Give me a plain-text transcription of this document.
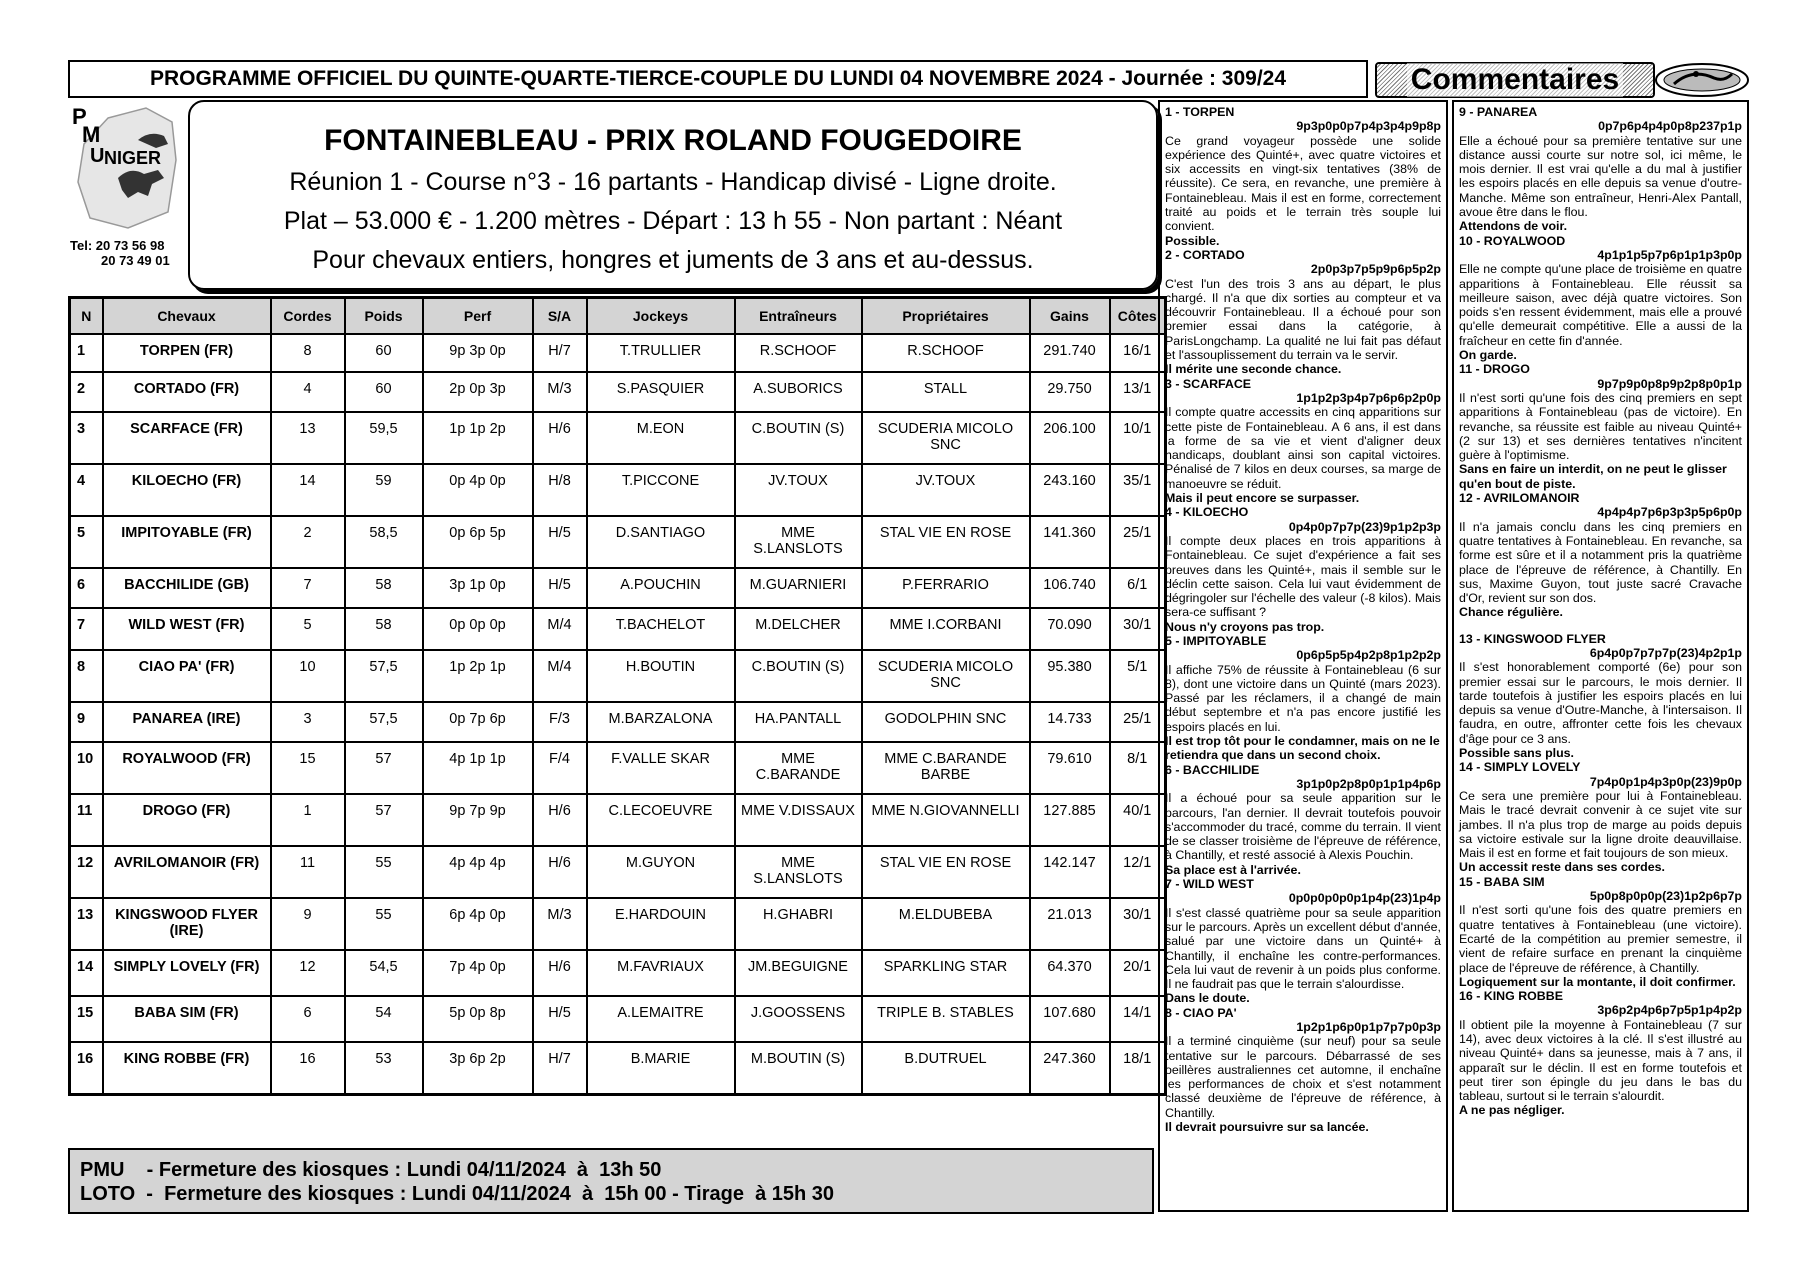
PROGRAMME OFFICIEL DU QUINTE-QUARTE-TIERCE-COUPLE DU LUNDI 04 NOVEMBRE 2024 - Journée : 309/24	Commentaires
P
M
U NIGER
Tel: 20 73 56 98
20 73 49 01
FONTAINEBLEAU - PRIX ROLAND FOUGEDOIRE
Réunion 1 - Course n°3 - 16 partants - Handicap divisé - Ligne droite.
Plat – 53.000 € - 1.200 mètres - Départ : 13 h 55 - Non partant : Néant
Pour chevaux entiers, hongres et juments de 3 ans et au-dessus.
N	Chevaux	Cordes	Poids	Perf	S/A	Jockeys	Entraîneurs	Propriétaires	Gains	Côtes
1	TORPEN (FR)	8	60	9p 3p 0p	H/7	T.TRULLIER	R.SCHOOF	R.SCHOOF	291.740	16/1
2	CORTADO (FR)	4	60	2p 0p 3p	M/3	S.PASQUIER	A.SUBORICS	STALL	29.750	13/1
3	SCARFACE (FR)	13	59,5	1p 1p 2p	H/6	M.EON	C.BOUTIN (S)	SCUDERIA MICOLO SNC	206.100	10/1
4	KILOECHO (FR)	14	59	0p 4p 0p	H/8	T.PICCONE	JV.TOUX	JV.TOUX	243.160	35/1
5	IMPITOYABLE (FR)	2	58,5	0p 6p 5p	H/5	D.SANTIAGO	MME S.LANSLOTS	STAL VIE EN ROSE	141.360	25/1
6	BACCHILIDE (GB)	7	58	3p 1p 0p	H/5	A.POUCHIN	M.GUARNIERI	P.FERRARIO	106.740	6/1
7	WILD WEST (FR)	5	58	0p 0p 0p	M/4	T.BACHELOT	M.DELCHER	MME I.CORBANI	70.090	30/1
8	CIAO PA' (FR)	10	57,5	1p 2p 1p	M/4	H.BOUTIN	C.BOUTIN (S)	SCUDERIA MICOLO SNC	95.380	5/1
9	PANAREA (IRE)	3	57,5	0p 7p 6p	F/3	M.BARZALONA	HA.PANTALL	GODOLPHIN SNC	14.733	25/1
10	ROYALWOOD (FR)	15	57	4p 1p 1p	F/4	F.VALLE SKAR	MME C.BARANDE	MME C.BARANDE BARBE	79.610	8/1
11	DROGO (FR)	1	57	9p 7p 9p	H/6	C.LECOEUVRE	MME V.DISSAUX	MME N.GIOVANNELLI	127.885	40/1
12	AVRILOMANOIR (FR)	11	55	4p 4p 4p	H/6	M.GUYON	MME S.LANSLOTS	STAL VIE EN ROSE	142.147	12/1
13	KINGSWOOD FLYER (IRE)	9	55	6p 4p 0p	M/3	E.HARDOUIN	H.GHABRI	M.ELDUBEBA	21.013	30/1
14	SIMPLY LOVELY (FR)	12	54,5	7p 4p 0p	H/6	M.FAVRIAUX	JM.BEGUIGNE	SPARKLING STAR	64.370	20/1
15	BABA SIM (FR)	6	54	5p 0p 8p	H/5	A.LEMAITRE	J.GOOSSENS	TRIPLE B. STABLES	107.680	14/1
16	KING ROBBE (FR)	16	53	3p 6p 2p	H/7	B.MARIE	M.BOUTIN (S)	B.DUTRUEL	247.360	18/1
PMU    - Fermeture des kiosques : Lundi 04/11/2024  à  13h 50
LOTO  -  Fermeture des kiosques : Lundi 04/11/2024  à  15h 00 - Tirage  à 15h 30
1 - TORPEN
9p3p0p0p7p4p3p4p9p8p
Ce grand voyageur possède une solide expérience des Quinté+, avec quatre victoires et six accessits en vingt-six tentatives (38% de réussite). Ce sera, en revanche, une première à Fontainebleau. Mais il est en forme, correctement traité au poids et le terrain très souple lui convient.
Possible.
2 - CORTADO
2p0p3p7p5p9p6p5p2p
C'est l'un des trois 3 ans au départ, le plus chargé. Il n'a que dix sorties au compteur et va découvrir Fontainebleau. Il a échoué pour son premier essai dans la catégorie, à ParisLongchamp. La qualité ne lui fait pas défaut et l'assouplissement du terrain va le servir.
Il mérite une seconde chance.
3 - SCARFACE
1p1p2p3p4p7p6p6p2p0p
Il compte quatre accessits en cinq apparitions sur cette piste de Fontainebleau. A 6 ans, il est dans la forme de sa vie et vient d'aligner deux handicaps, doublant ainsi son capital victoires. Pénalisé de 7 kilos en deux courses, sa marge de manoeuvre se réduit.
Mais il peut encore se surpasser.
4 - KILOECHO
0p4p0p7p7p(23)9p1p2p3p
Il compte deux places en trois apparitions à Fontainebleau. Ce sujet d'expérience a fait ses preuves dans les Quinté+, mais il semble sur le déclin cette saison. Cela lui vaut évidemment de dégringoler sur l'échelle des valeur (-8 kilos). Mais sera-ce suffisant ?
Nous n'y croyons pas trop.
5 - IMPITOYABLE
0p6p5p5p4p2p8p1p2p2p
Il affiche 75% de réussite à Fontainebleau (6 sur 8), dont une victoire dans un Quinté (mars 2023). Passé par les réclamers, il a changé de main début septembre et n'a pas encore justifié les espoirs placés en lui.
Il est trop tôt pour le condamner, mais on ne le retiendra que dans un second choix.
6 - BACCHILIDE
3p1p0p2p8p0p1p1p4p6p
Il a échoué pour sa seule apparition sur le parcours, l'an dernier. Il devrait toutefois pouvoir s'accommoder du tracé, comme du terrain. Il vient de se classer troisième de l'épreuve de référence, à Chantilly, et resté associé à Alexis Pouchin.
Sa place est à l'arrivée.
7 - WILD WEST
0p0p0p0p0p1p4p(23)1p4p
Il s'est classé quatrième pour sa seule apparition sur le parcours. Après un excellent début d'année, salué par une victoire dans un Quinté+ à Chantilly, il enchaîne les contre-performances. Cela lui vaut de revenir à un poids plus conforme. Il ne faudrait pas que le terrain s'alourdisse.
Dans le doute.
8 - CIAO PA'
1p2p1p6p0p1p7p7p0p3p
Il a terminé cinquième (sur neuf) pour sa seule tentative sur le parcours. Débarrassé de ses oeillères australiennes cet automne, il enchaîne les performances de choix et s'est notamment classé deuxième de l'épreuve de référence, à Chantilly.
Il devrait poursuivre sur sa lancée.
9 - PANAREA
0p7p6p4p4p0p8p237p1p
Elle a échoué pour sa première tentative sur une distance aussi courte sur notre sol, ici même, le mois dernier. Il est vrai qu'elle a du mal à justifier les espoirs placés en elle depuis sa venue d'outre-Manche. Même son entraîneur, Henri-Alex Pantall, avoue être dans le flou.
Attendons de voir.
10 - ROYALWOOD
4p1p1p5p7p6p1p1p3p0p
Elle ne compte qu'une place de troisième en quatre apparitions à Fontainebleau. Elle réussit sa meilleure saison, avec déjà quatre victoires. Son poids s'en ressent évidemment, mais elle a prouvé qu'elle demeurait compétitive. Elle a aussi de la fraîcheur en cette fin d'année.
On garde.
11 - DROGO
9p7p9p0p8p9p2p8p0p1p
Il n'est sorti qu'une fois des cinq premiers en sept apparitions à Fontainebleau (pas de victoire). En revanche, sa réussite est faible au niveau Quinté+ (2 sur 13) et ses dernières tentatives n'incitent guère à l'optimisme.
Sans en faire un interdit, on ne peut le glisser qu'en bout de piste.
12 - AVRILOMANOIR
4p4p4p7p6p3p3p5p6p0p
Il n'a jamais conclu dans les cinq premiers en quatre tentatives à Fontainebleau. En revanche, sa forme est sûre et il a notamment pris la quatrième place de l'épreuve de référence, à Chantilly. En sus, Maxime Guyon, tout juste sacré Cravache d'Or, revient sur son dos.
Chance régulière.
13 - KINGSWOOD FLYER
6p4p0p7p7p7p(23)4p2p1p
Il s'est honorablement comporté (6e) pour son premier essai sur le parcours, le mois dernier. Il tarde toutefois à justifier les espoirs placés en lui depuis sa venue d'Outre-Manche, à l'intersaison. Il faudra, en outre, affronter cette fois les chevaux d'âge pour ce 3 ans.
Possible sans plus.
14 - SIMPLY LOVELY
7p4p0p1p4p3p0p(23)9p0p
Ce sera une première pour lui à Fontainebleau. Mais le tracé devrait convenir à ce sujet vite sur jambes. Il n'a plus trop de marge au poids depuis sa victoire estivale sur la ligne droite deauvillaise. Mais il est en forme et fait toujours de son mieux.
Un accessit reste dans ses cordes.
15 - BABA SIM
5p0p8p0p0p(23)1p2p6p7p
Il n'est sorti qu'une fois des quatre premiers en quatre tentatives à Fontainebleau (une victoire). Ecarté de la compétition au premier semestre, il vient de refaire surface en prenant la cinquième place de l'épreuve de référence, à Chantilly.
Logiquement sur la montante, il doit confirmer.
16 - KING ROBBE
3p6p2p4p6p7p5p1p4p2p
Il obtient pile la moyenne à Fontainebleau (7 sur 14), avec deux victoires à la clé. Il s'est illustré au niveau Quinté+ dans sa jeunesse, mais à 7 ans, il apparaît sur le déclin. Il est en forme toutefois et peut tirer son épingle du jeu dans le bas du tableau, surtout si le terrain s'alourdit.
A ne pas négliger.
